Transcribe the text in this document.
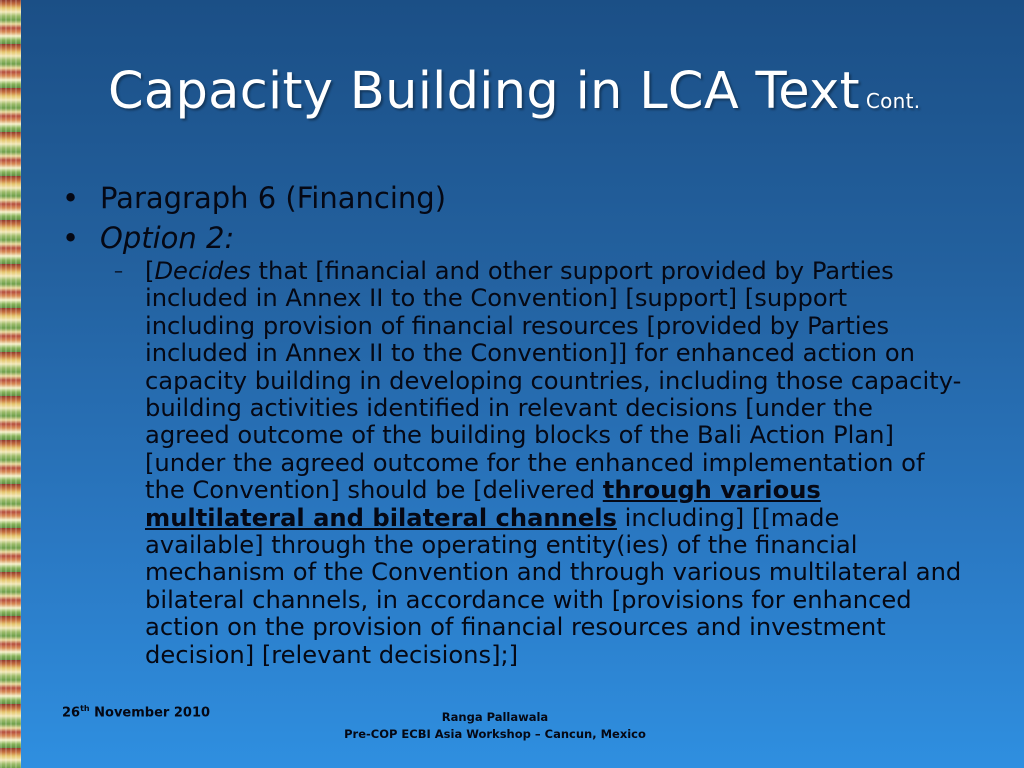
Capacity Building in LCA Text Cont.
• Paragraph 6 (Financing)
• Option 2:
– [Decides that [financial and other support provided by Parties included in Annex II to the Convention] [support] [support including provision of financial resources [provided by Parties included in Annex II to the Convention]] for enhanced action on capacity building in developing countries, including those capacity-building activities identified in relevant decisions [under the agreed outcome of the building blocks of the Bali Action Plan] [under the agreed outcome for the enhanced implementation of the Convention] should be [delivered through various multilateral and bilateral channels including] [[made available] through the operating entity(ies) of the financial mechanism of the Convention and through various multilateral and bilateral channels, in accordance with [provisions for enhanced action on the provision of financial resources and investment decision] [relevant decisions];]
26th November 2010	Ranga Pallawala
Pre-COP ECBI Asia Workshop – Cancun, Mexico
